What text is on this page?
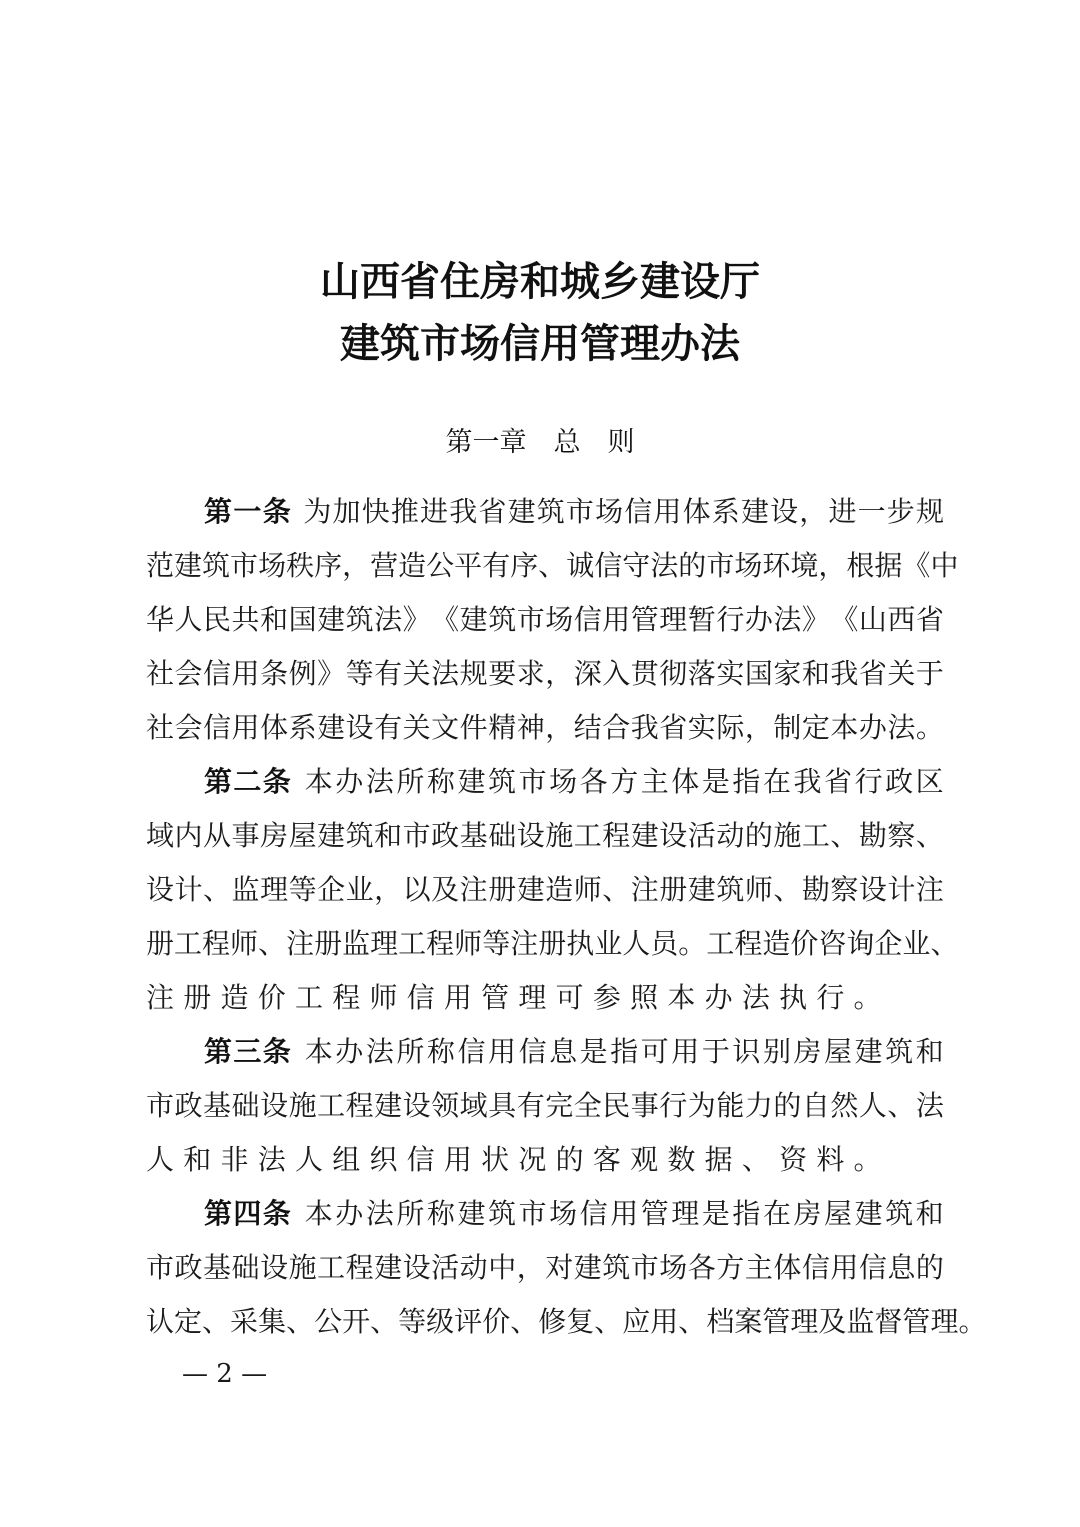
山西省住房和城乡建设厅
建筑市场信用管理办法
第一章　总　则
第一条 为 加 快 推 进 我 省 建 筑 市 场 信 用 体 系 建 设 ， 进 一 步 规
范 建 筑 市 场 秩 序 ， 营 造 公 平 有 序 、 诚 信 守 法 的 市 场 环 境 ， 根 据 《 中
华 人 民 共 和 国 建 筑 法 》 《 建 筑 市 场 信 用 管 理 暂 行 办 法 》 《 山 西 省
社 会 信 用 条 例 》 等 有 关 法 规 要 求 ， 深 入 贯 彻 落 实 国 家 和 我 省 关 于
社 会 信 用 体 系 建 设 有 关 文 件 精 神 ， 结 合 我 省 实 际 ， 制 定 本 办 法 。
第二条 本 办 法 所 称 建 筑 市 场 各 方 主 体 是 指 在 我 省 行 政 区
域 内 从 事 房 屋 建 筑 和 市 政 基 础 设 施 工 程 建 设 活 动 的 施 工 、 勘 察 、
设 计 、 监 理 等 企 业 ， 以 及 注 册 建 造 师 、 注 册 建 筑 师 、 勘 察 设 计 注
册 工 程 师 、 注 册 监 理 工 程 师 等 注 册 执 业 人 员 。 工 程 造 价 咨 询 企 业 、
注册造价工程师信用管理可参照本办法执行。
第三条 本 办 法 所 称 信 用 信 息 是 指 可 用 于 识 别 房 屋 建 筑 和
市 政 基 础 设 施 工 程 建 设 领 域 具 有 完 全 民 事 行 为 能 力 的 自 然 人 、 法
人和非法人组织信用状况的客观数据、资料。
第四条 本 办 法 所 称 建 筑 市 场 信 用 管 理 是 指 在 房 屋 建 筑 和
市 政 基 础 设 施 工 程 建 设 活 动 中 ， 对 建 筑 市 场 各 方 主 体 信 用 信 息 的
认 定 、 采 集 、 公 开 、 等 级 评 价 、 修 复 、 应 用 、 档 案 管 理 及 监 督 管 理 。
— 2 —
